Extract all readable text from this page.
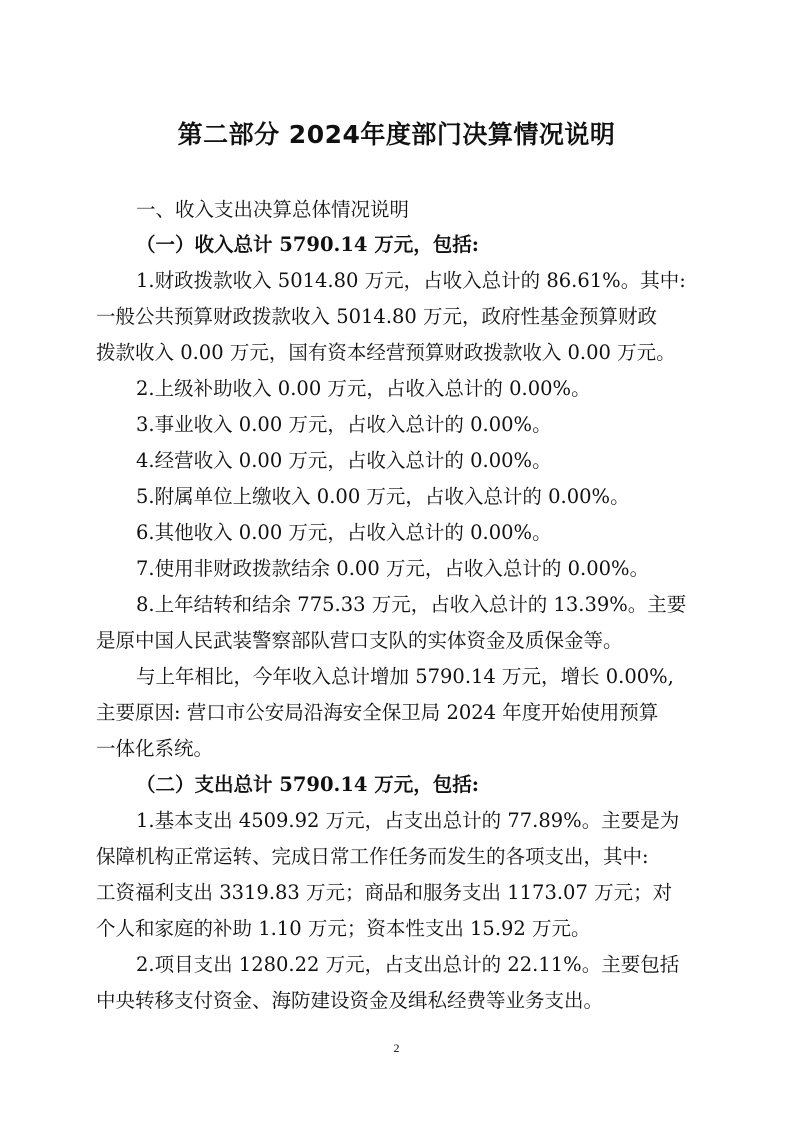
第二部分 2024年度部门决算情况说明
一、收入支出决算总体情况说明
（一）收入总计 5790.14 万元，包括:
1.财政拨款收入 5014.80 万元，占收入总计的 86.61%。其中:
一般公共预算财政拨款收入 5014.80 万元，政府性基金预算财政
拨款收入 0.00 万元，国有资本经营预算财政拨款收入 0.00 万元。
2.上级补助收入 0.00 万元，占收入总计的 0.00%。
3.事业收入 0.00 万元，占收入总计的 0.00%。
4.经营收入 0.00 万元，占收入总计的 0.00%。
5.附属单位上缴收入 0.00 万元，占收入总计的 0.00%。
6.其他收入 0.00 万元，占收入总计的 0.00%。
7.使用非财政拨款结余 0.00 万元，占收入总计的 0.00%。
8.上年结转和结余 775.33 万元，占收入总计的 13.39%。主要
是原中国人民武装警察部队营口支队的实体资金及质保金等。
与上年相比，今年收入总计增加 5790.14 万元，增长 0.00%,
主要原因: 营口市公安局沿海安全保卫局 2024 年度开始使用预算
一体化系统。
（二）支出总计 5790.14 万元，包括:
1.基本支出 4509.92 万元，占支出总计的 77.89%。主要是为
保障机构正常运转、完成日常工作任务而发生的各项支出，其中:
工资福利支出 3319.83 万元；商品和服务支出 1173.07 万元；对
个人和家庭的补助 1.10 万元；资本性支出 15.92 万元。
2.项目支出 1280.22 万元，占支出总计的 22.11%。主要包括
中央转移支付资金、海防建设资金及缉私经费等业务支出。
2
